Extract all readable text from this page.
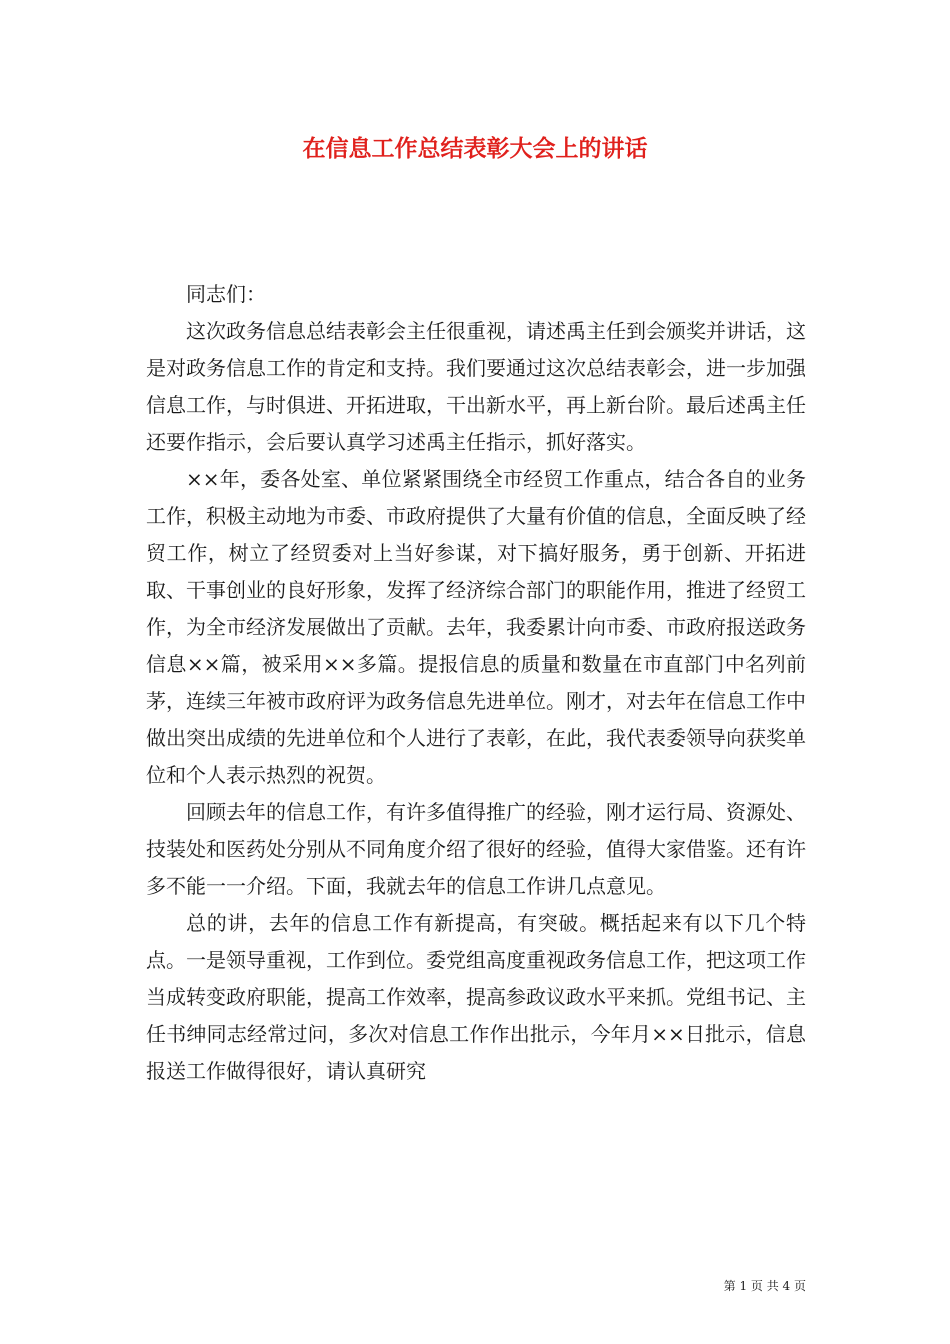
在信息工作总结表彰大会上的讲话

同志们：

这次政务信息总结表彰会主任很重视，请述禹主任到会颁奖并讲话，这是对政务信息工作的肯定和支持。我们要通过这次总结表彰会，进一步加强信息工作，与时俱进、开拓进取，干出新水平，再上新台阶。最后述禹主任还要作指示，会后要认真学习述禹主任指示，抓好落实。

××年，委各处室、单位紧紧围绕全市经贸工作重点，结合各自的业务工作，积极主动地为市委、市政府提供了大量有价值的信息，全面反映了经贸工作，树立了经贸委对上当好参谋，对下搞好服务，勇于创新、开拓进取、干事创业的良好形象，发挥了经济综合部门的职能作用，推进了经贸工作，为全市经济发展做出了贡献。去年，我委累计向市委、市政府报送政务信息××篇，被采用××多篇。提报信息的质量和数量在市直部门中名列前茅，连续三年被市政府评为政务信息先进单位。刚才，对去年在信息工作中做出突出成绩的先进单位和个人进行了表彰，在此，我代表委领导向获奖单位和个人表示热烈的祝贺。

回顾去年的信息工作，有许多值得推广的经验，刚才运行局、资源处、技装处和医药处分别从不同角度介绍了很好的经验，值得大家借鉴。还有许多不能一一介绍。下面，我就去年的信息工作讲几点意见。

总的讲，去年的信息工作有新提高，有突破。概括起来有以下几个特点。一是领导重视，工作到位。委党组高度重视政务信息工作，把这项工作当成转变政府职能，提高工作效率，提高参政议政水平来抓。党组书记、主任书绅同志经常过问，多次对信息工作作出批示，今年月××日批示，信息报送工作做得很好，请认真研究

第 1 页 共 4 页
